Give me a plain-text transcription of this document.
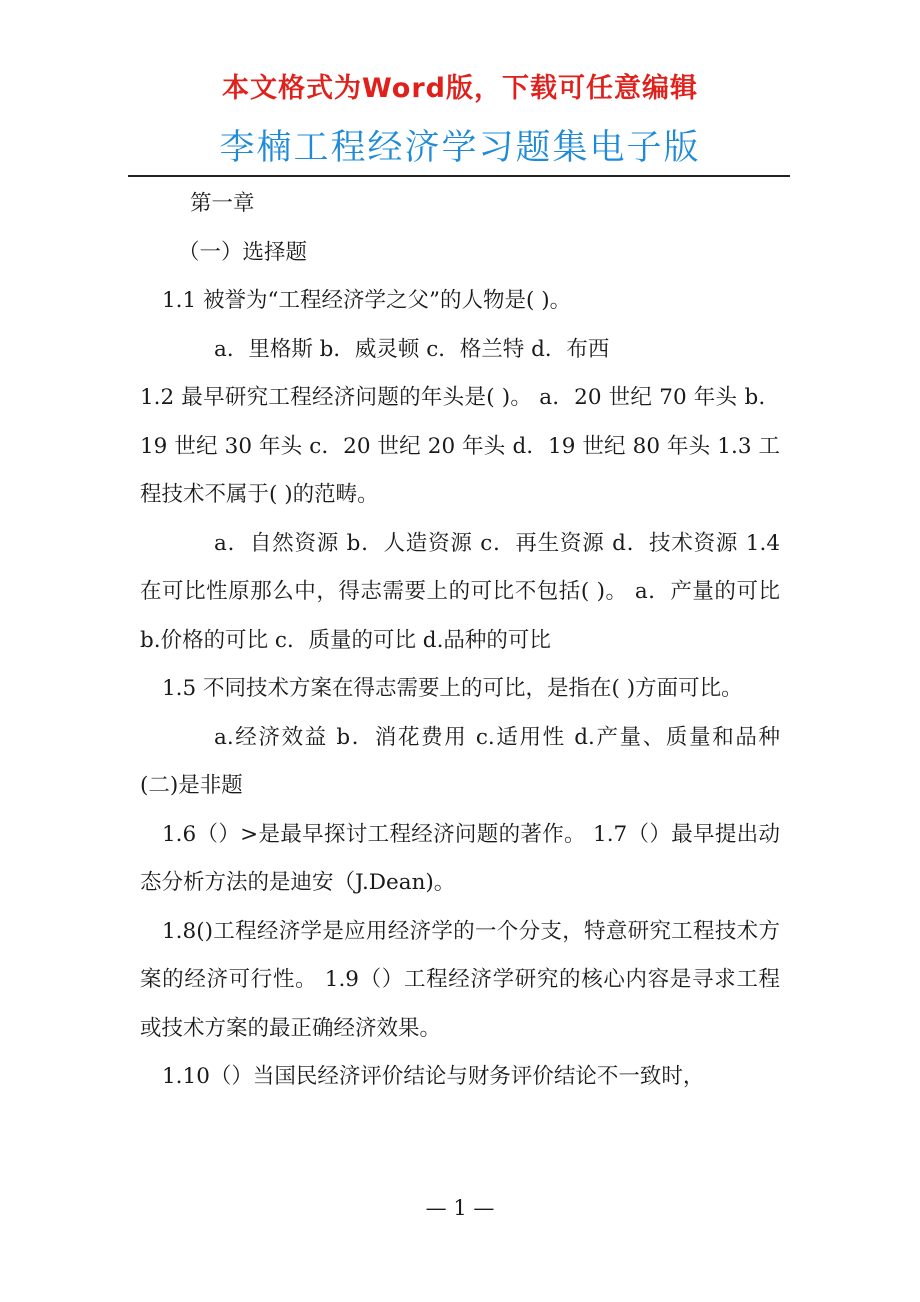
本文格式为Word版，下载可任意编辑
李楠工程经济学习题集电子版

第一章

（一）选择题

1.1 被誉为“工程经济学之父”的人物是( )。

a．里格斯 b．威灵顿 c．格兰特 d．布西

1.2 最早研究工程经济问题的年头是( )。 a．20 世纪 70 年头 b．19 世纪 30 年头 c．20 世纪 20 年头 d．19 世纪 80 年头 1.3 工程技术不属于( )的范畴。

a．自然资源 b．人造资源 c．再生资源 d．技术资源 1.4 在可比性原那么中，得志需要上的可比不包括( )。 a．产量的可比 b.价格的可比 c．质量的可比 d.品种的可比

1.5 不同技术方案在得志需要上的可比，是指在( )方面可比。

a.经济效益 b．消花费用 c.适用性 d.产量、质量和品种 (二)是非题

1.6（）>是最早探讨工程经济问题的著作。 1.7（）最早提出动态分析方法的是迪安（J.Dean)。

1.8()工程经济学是应用经济学的一个分支，特意研究工程技术方案的经济可行性。 1.9（）工程经济学研究的核心内容是寻求工程或技术方案的最正确经济效果。

1.10（）当国民经济评价结论与财务评价结论不一致时，

— 1 —
